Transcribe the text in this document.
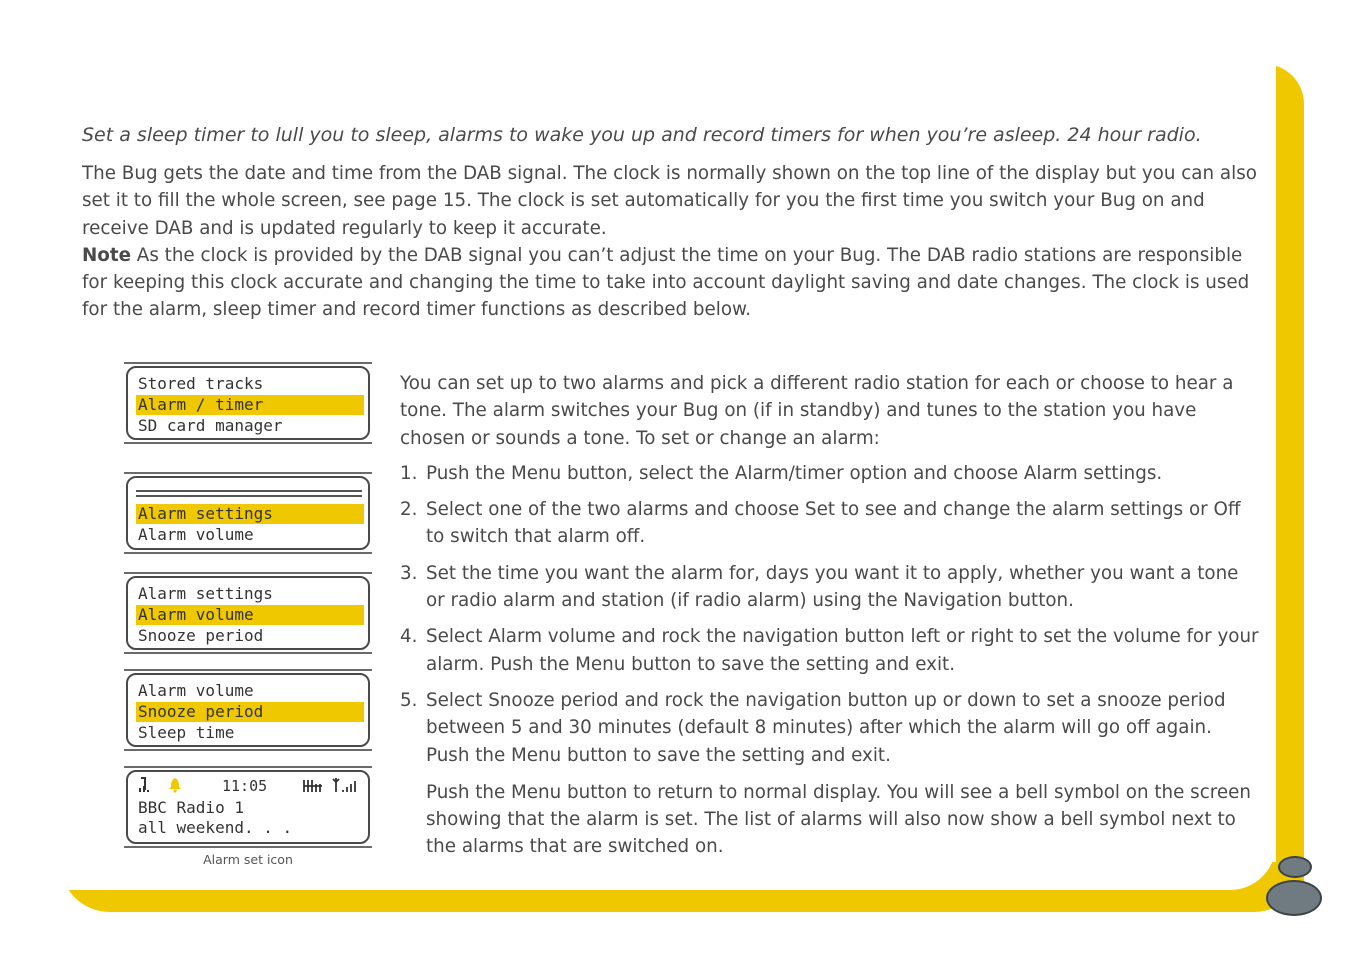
Set a sleep timer to lull you to sleep, alarms to wake you up and record timers for when you’re asleep. 24 hour radio.

The Bug gets the date and time from the DAB signal. The clock is normally shown on the top line of the display but you can also set it to fill the whole screen, see page 15. The clock is set automatically for you the first time you switch your Bug on and receive DAB and is updated regularly to keep it accurate.
Note As the clock is provided by the DAB signal you can’t adjust the time on your Bug. The DAB radio stations are responsible for keeping this clock accurate and changing the time to take into account daylight saving and date changes. The clock is used for the alarm, sleep timer and record timer functions as described below.
Stored tracks
Alarm / timer
SD card manager
Alarm settings
Alarm volume
Alarm settings
Alarm volume
Snooze period
Alarm volume
Snooze period
Sleep time
11:05
BBC Radio 1
all weekend. . .
Alarm set icon

You can set up to two alarms and pick a different radio station for each or choose to hear a tone. The alarm switches your Bug on (if in standby) and tunes to the station you have chosen or sounds a tone. To set or change an alarm:

1. Push the Menu button, select the Alarm/timer option and choose Alarm settings.
2. Select one of the two alarms and choose Set to see and change the alarm settings or Off to switch that alarm off.
3. Set the time you want the alarm for, days you want it to apply, whether you want a tone or radio alarm and station (if radio alarm) using the Navigation button.
4. Select Alarm volume and rock the navigation button left or right to set the volume for your alarm. Push the Menu button to save the setting and exit.
5. Select Snooze period and rock the navigation button up or down to set a snooze period between 5 and 30 minutes (default 8 minutes) after which the alarm will go off again. Push the Menu button to save the setting and exit.

Push the Menu button to return to normal display. You will see a bell symbol on the screen showing that the alarm is set. The list of alarms will also now show a bell symbol next to the alarms that are switched on.
